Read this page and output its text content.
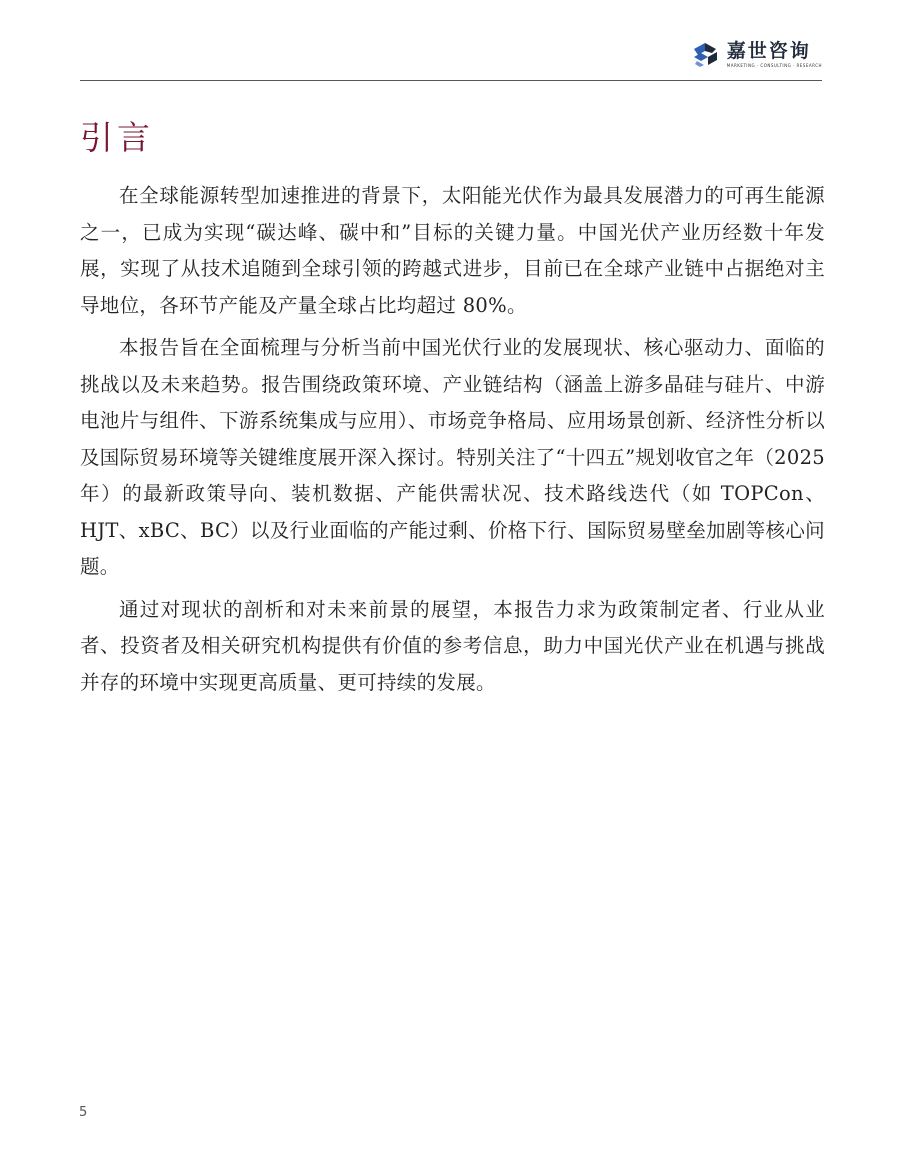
嘉世咨询
MARKETING · CONSULTING · RESEARCH
引言

在全球能源转型加速推进的背景下，太阳能光伏作为最具发展潜力的可再生能源之一，已成为实现“碳达峰、碳中和”目标的关键力量。中国光伏产业历经数十年发展，实现了从技术追随到全球引领的跨越式进步，目前已在全球产业链中占据绝对主导地位，各环节产能及产量全球占比均超过 80%。

本报告旨在全面梳理与分析当前中国光伏行业的发展现状、核心驱动力、面临的挑战以及未来趋势。报告围绕政策环境、产业链结构（涵盖上游多晶硅与硅片、中游电池片与组件、下游系统集成与应用）、市场竞争格局、应用场景创新、经济性分析以及国际贸易环境等关键维度展开深入探讨。特别关注了“十四五”规划收官之年（2025 年）的最新政策导向、装机数据、产能供需状况、技术路线迭代（如 TOPCon、HJT、xBC、BC）以及行业面临的产能过剩、价格下行、国际贸易壁垒加剧等核心问题。

通过对现状的剖析和对未来前景的展望，本报告力求为政策制定者、行业从业者、投资者及相关研究机构提供有价值的参考信息，助力中国光伏产业在机遇与挑战并存的环境中实现更高质量、更可持续的发展。

5
